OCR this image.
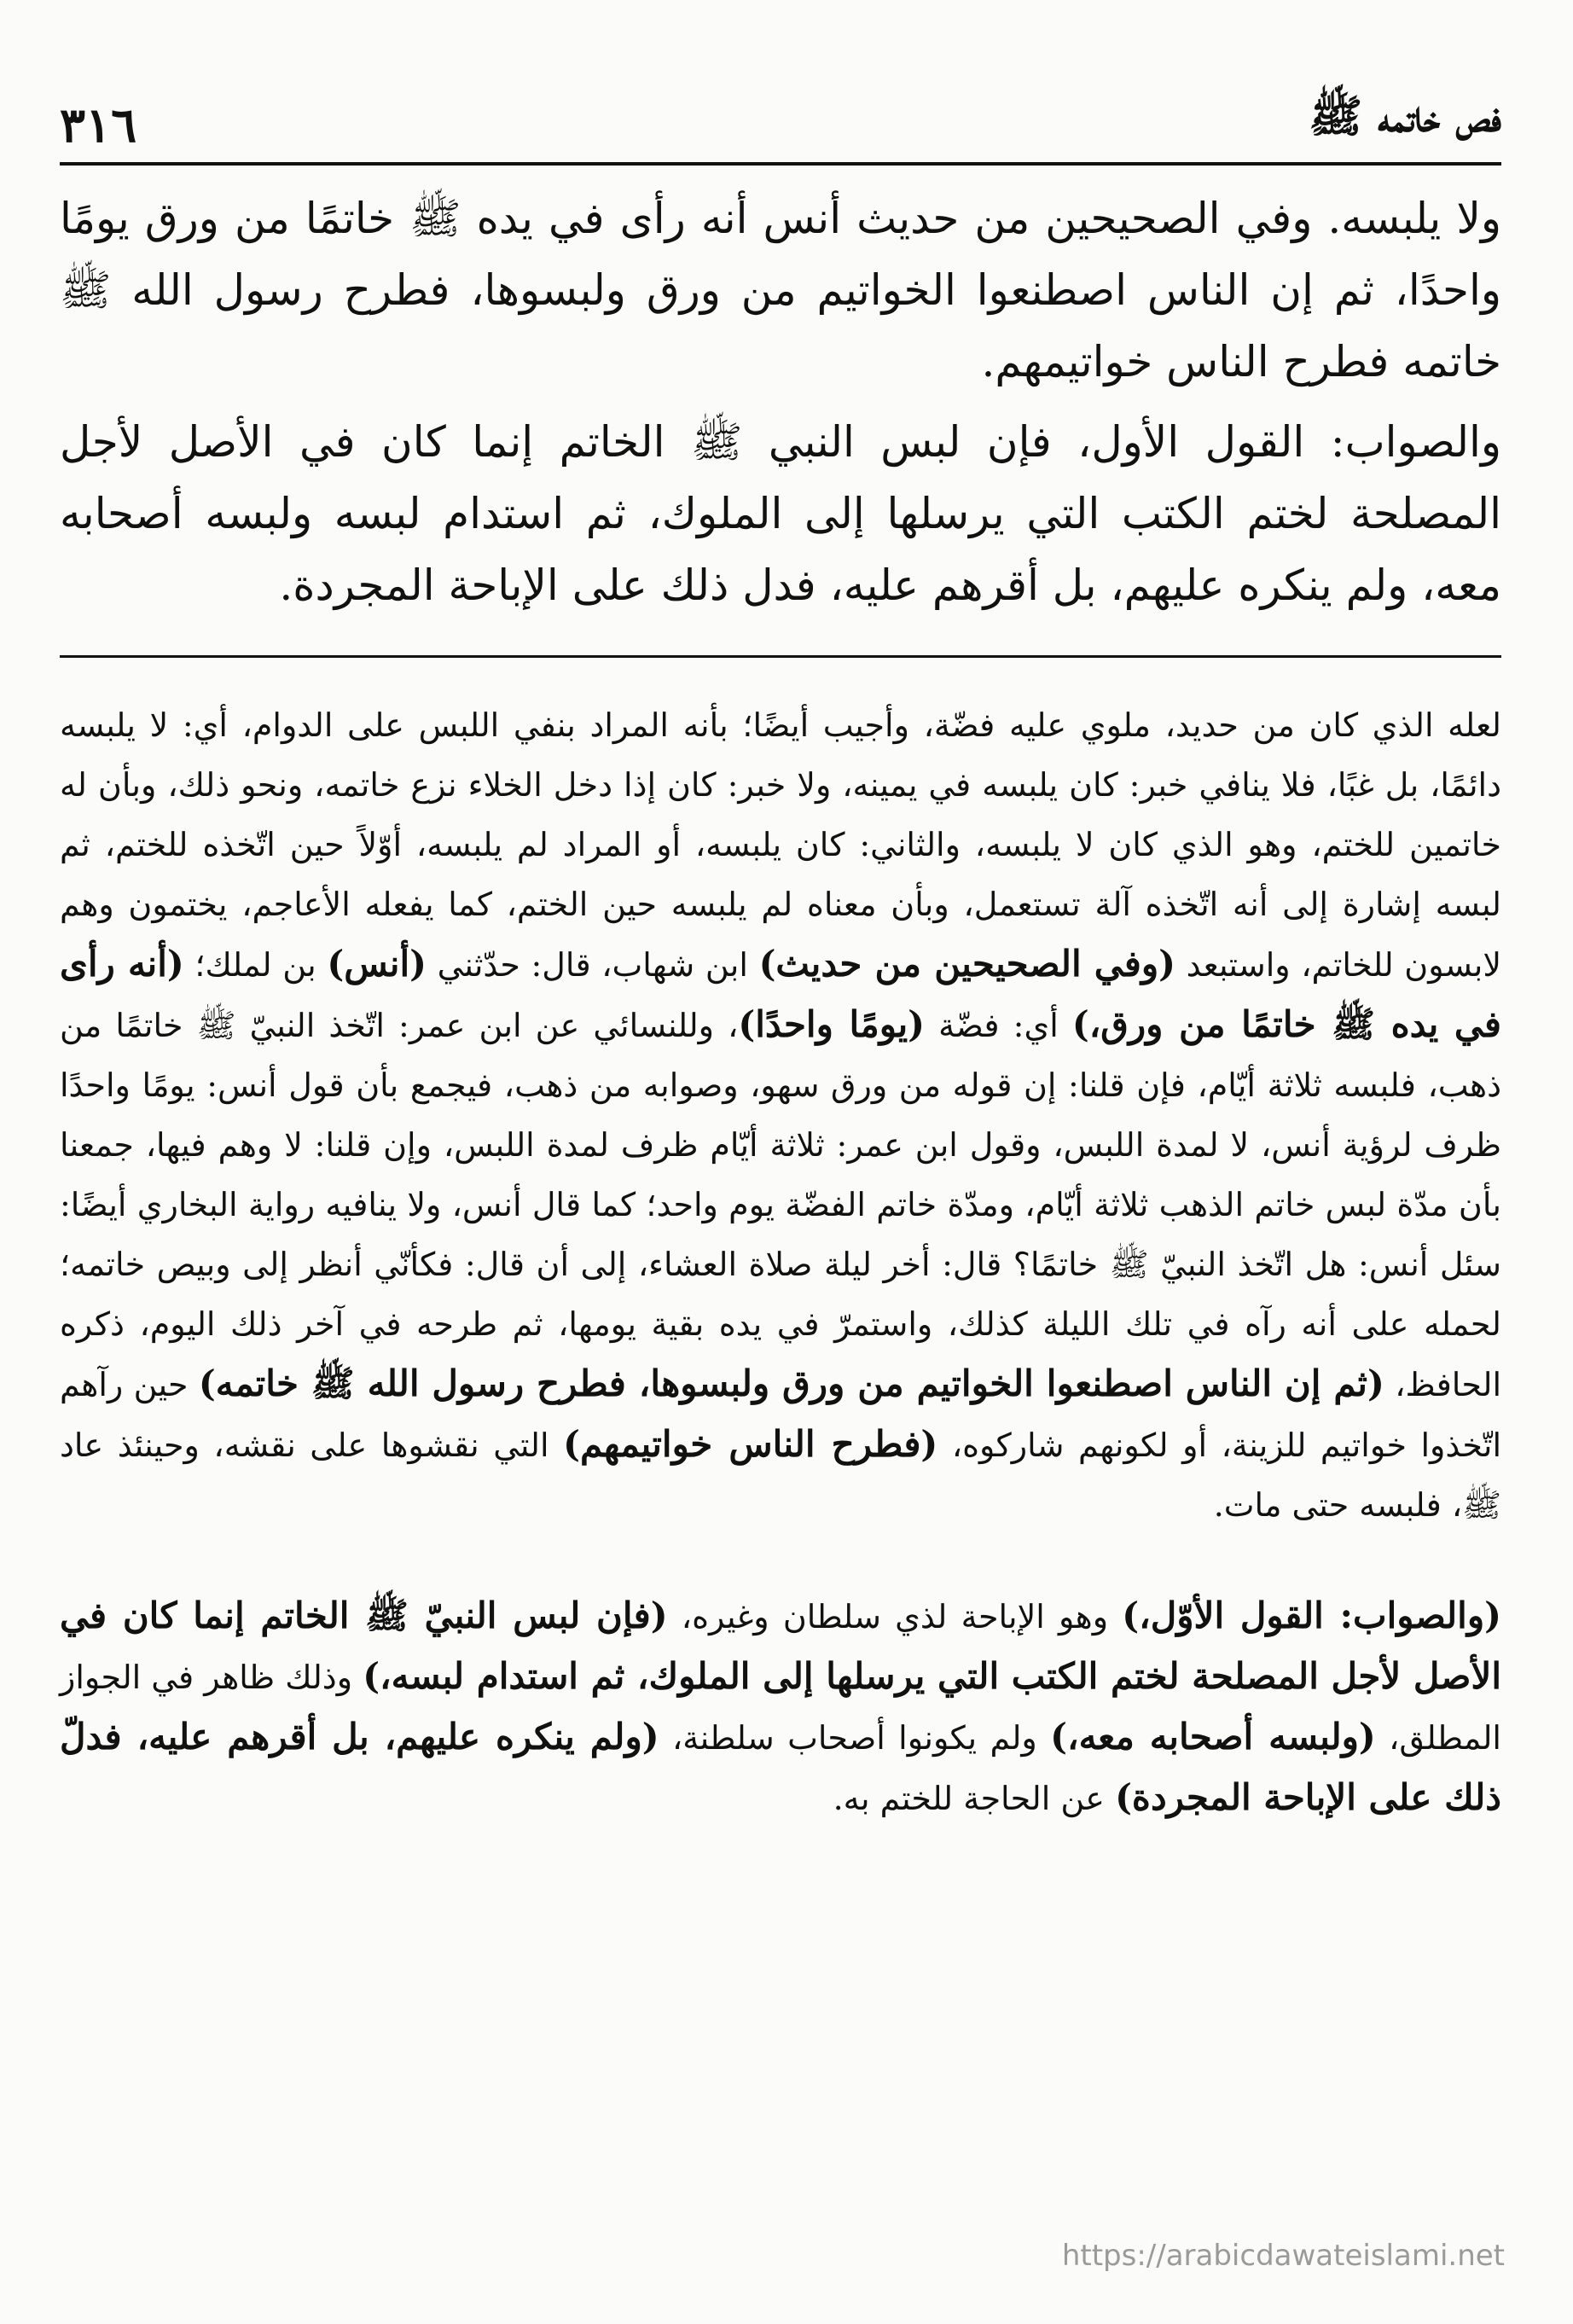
فص خاتمه ﷺ
٣١٦

ولا يلبسه. وفي الصحيحين من حديث أنس أنه رأى في يده ﷺ خاتمًا من ورق يومًا واحدًا، ثم إن الناس اصطنعوا الخواتيم من ورق ولبسوها، فطرح رسول الله ﷺ خاتمه فطرح الناس خواتيمهم.

والصواب: القول الأول، فإن لبس النبي ﷺ الخاتم إنما كان في الأصل لأجل المصلحة لختم الكتب التي يرسلها إلى الملوك، ثم استدام لبسه ولبسه أصحابه معه، ولم ينكره عليهم، بل أقرهم عليه، فدل ذلك على الإباحة المجردة.

لعله الذي كان من حديد، ملوي عليه فضّة، وأجيب أيضًا؛ بأنه المراد بنفي اللبس على الدوام، أي: لا يلبسه دائمًا، بل غبًا، فلا ينافي خبر: كان يلبسه في يمينه، ولا خبر: كان إذا دخل الخلاء نزع خاتمه، ونحو ذلك، وبأن له خاتمين للختم، وهو الذي كان لا يلبسه، والثاني: كان يلبسه، أو المراد لم يلبسه، أوّلاً حين اتّخذه للختم، ثم لبسه إشارة إلى أنه اتّخذه آلة تستعمل، وبأن معناه لم يلبسه حين الختم، كما يفعله الأعاجم، يختمون وهم لابسون للخاتم، واستبعد (وفي الصحيحين من حديث) ابن شهاب، قال: حدّثني (أنس) بن لملك؛ (أنه رأى في يده ﷺ خاتمًا من ورق،) أي: فضّة (يومًا واحدًا)، وللنسائي عن ابن عمر: اتّخذ النبيّ ﷺ خاتمًا من ذهب، فلبسه ثلاثة أيّام، فإن قلنا: إن قوله من ورق سهو، وصوابه من ذهب، فيجمع بأن قول أنس: يومًا واحدًا ظرف لرؤية أنس، لا لمدة اللبس، وقول ابن عمر: ثلاثة أيّام ظرف لمدة اللبس، وإن قلنا: لا وهم فيها، جمعنا بأن مدّة لبس خاتم الذهب ثلاثة أيّام، ومدّة خاتم الفضّة يوم واحد؛ كما قال أنس، ولا ينافيه رواية البخاري أيضًا: سئل أنس: هل اتّخذ النبيّ ﷺ خاتمًا؟ قال: أخر ليلة صلاة العشاء، إلى أن قال: فكأنّي أنظر إلى وبيص خاتمه؛ لحمله على أنه رآه في تلك الليلة كذلك، واستمرّ في يده بقية يومها، ثم طرحه في آخر ذلك اليوم، ذكره الحافظ، (ثم إن الناس اصطنعوا الخواتيم من ورق ولبسوها، فطرح رسول الله ﷺ خاتمه) حين رآهم اتّخذوا خواتيم للزينة، أو لكونهم شاركوه، (فطرح الناس خواتيمهم) التي نقشوها على نقشه، وحينئذ عاد ﷺ، فلبسه حتى مات.

(والصواب: القول الأوّل،) وهو الإباحة لذي سلطان وغيره، (فإن لبس النبيّ ﷺ الخاتم إنما كان في الأصل لأجل المصلحة لختم الكتب التي يرسلها إلى الملوك، ثم استدام لبسه،) وذلك ظاهر في الجواز المطلق، (ولبسه أصحابه معه،) ولم يكونوا أصحاب سلطنة، (ولم ينكره عليهم، بل أقرهم عليه، فدلّ ذلك على الإباحة المجردة) عن الحاجة للختم به.

https://arabicdawateislami.net
